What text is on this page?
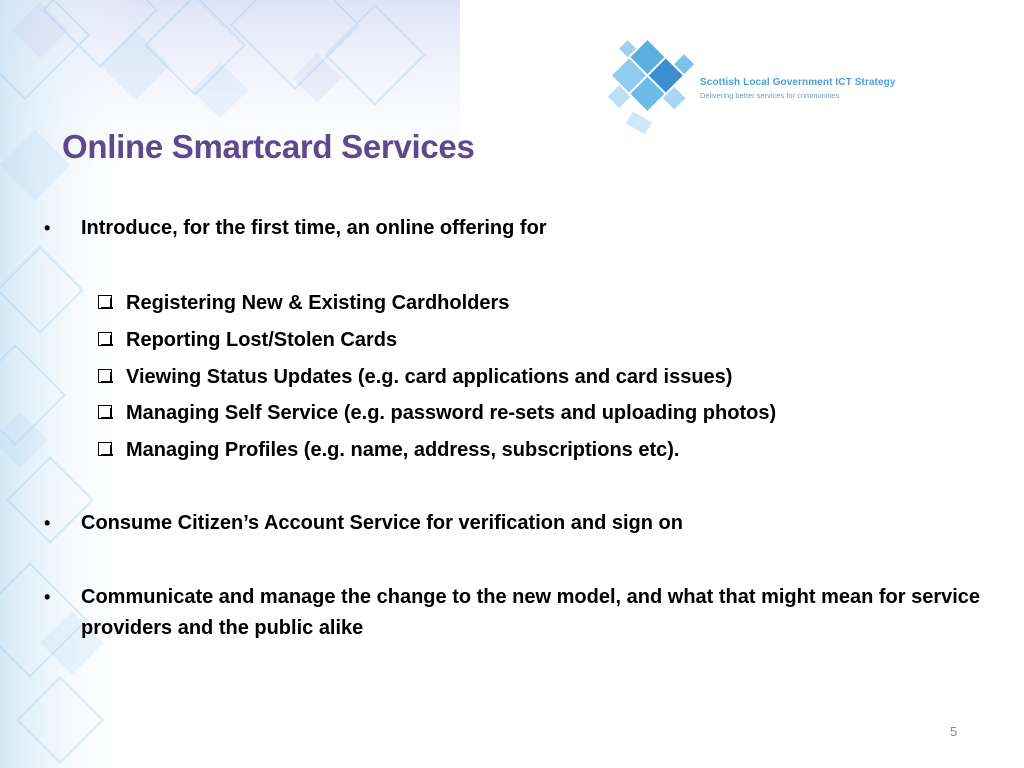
Scottish Local Government ICT Strategy
Delivering better services for communities
Online Smartcard Services
• Introduce, for the first time, an online offering for
Registering New & Existing Cardholders
Reporting Lost/Stolen Cards
Viewing Status Updates (e.g. card applications and card issues)
Managing Self Service (e.g. password re-sets and uploading photos)
Managing Profiles (e.g. name, address, subscriptions etc).
• Consume Citizen’s Account Service for verification and sign on
• Communicate and manage the change to the new model, and what that might mean for service providers and the public alike
5
